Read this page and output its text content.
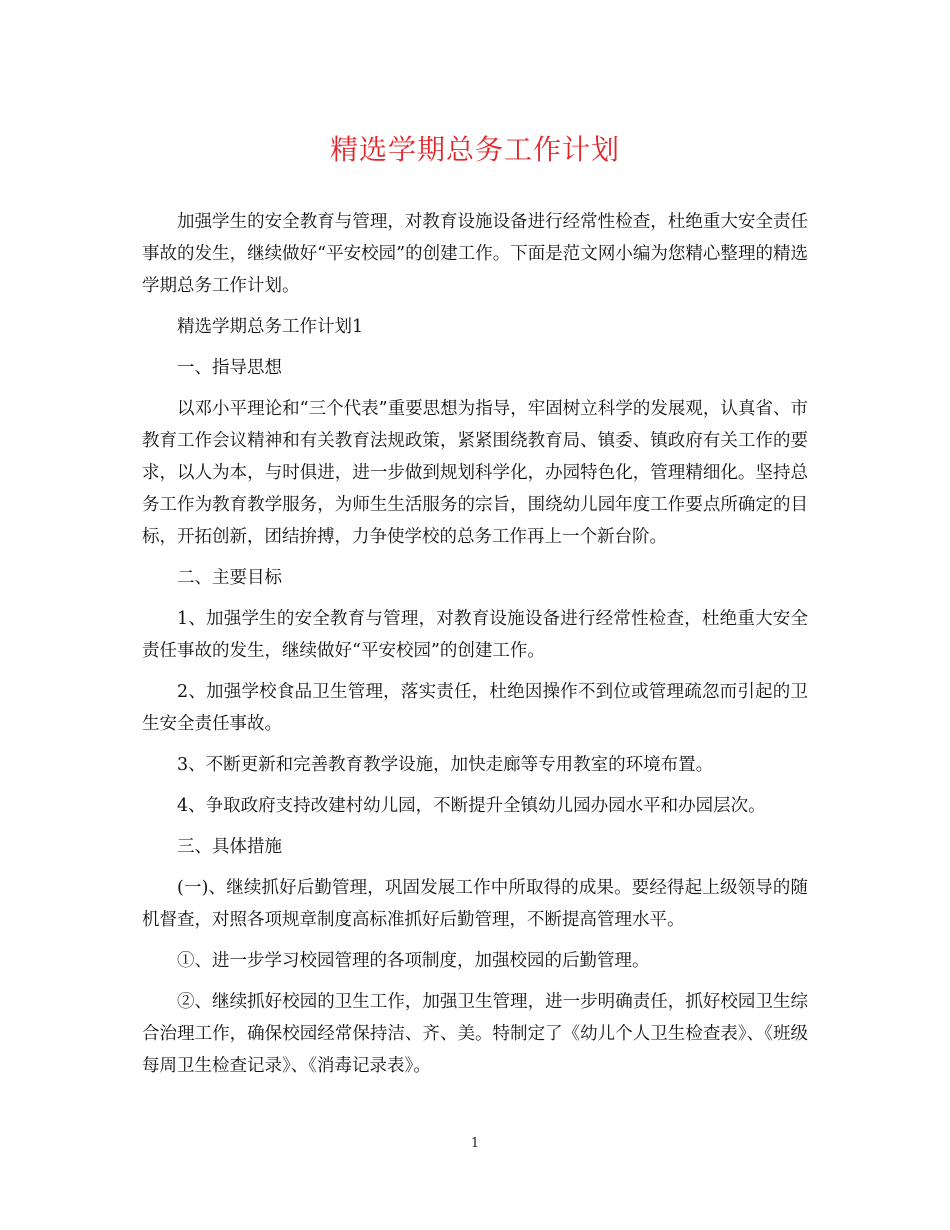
精选学期总务工作计划

加强学生的安全教育与管理，对教育设施设备进行经常性检查，杜绝重大安全责任事故的发生，继续做好“平安校园”的创建工作。下面是范文网小编为您精心整理的精选学期总务工作计划。

精选学期总务工作计划1

一、指导思想

以邓小平理论和“三个代表”重要思想为指导，牢固树立科学的发展观，认真省、市教育工作会议精神和有关教育法规政策，紧紧围绕教育局、镇委、镇政府有关工作的要求，以人为本，与时俱进，进一步做到规划科学化，办园特色化，管理精细化。坚持总务工作为教育教学服务，为师生生活服务的宗旨，围绕幼儿园年度工作要点所确定的目标，开拓创新，团结拚搏，力争使学校的总务工作再上一个新台阶。

二、主要目标

1、加强学生的安全教育与管理，对教育设施设备进行经常性检查，杜绝重大安全责任事故的发生，继续做好“平安校园”的创建工作。

2、加强学校食品卫生管理，落实责任，杜绝因操作不到位或管理疏忽而引起的卫生安全责任事故。

3、不断更新和完善教育教学设施，加快走廊等专用教室的环境布置。

4、争取政府支持改建村幼儿园，不断提升全镇幼儿园办园水平和办园层次。

三、具体措施

(一)、继续抓好后勤管理，巩固发展工作中所取得的成果。要经得起上级领导的随机督查，对照各项规章制度高标准抓好后勤管理，不断提高管理水平。

①、进一步学习校园管理的各项制度，加强校园的后勤管理。

②、继续抓好校园的卫生工作，加强卫生管理，进一步明确责任，抓好校园卫生综合治理工作，确保校园经常保持洁、齐、美。特制定了《幼儿个人卫生检查表》、《班级每周卫生检查记录》、《消毒记录表》。

1
